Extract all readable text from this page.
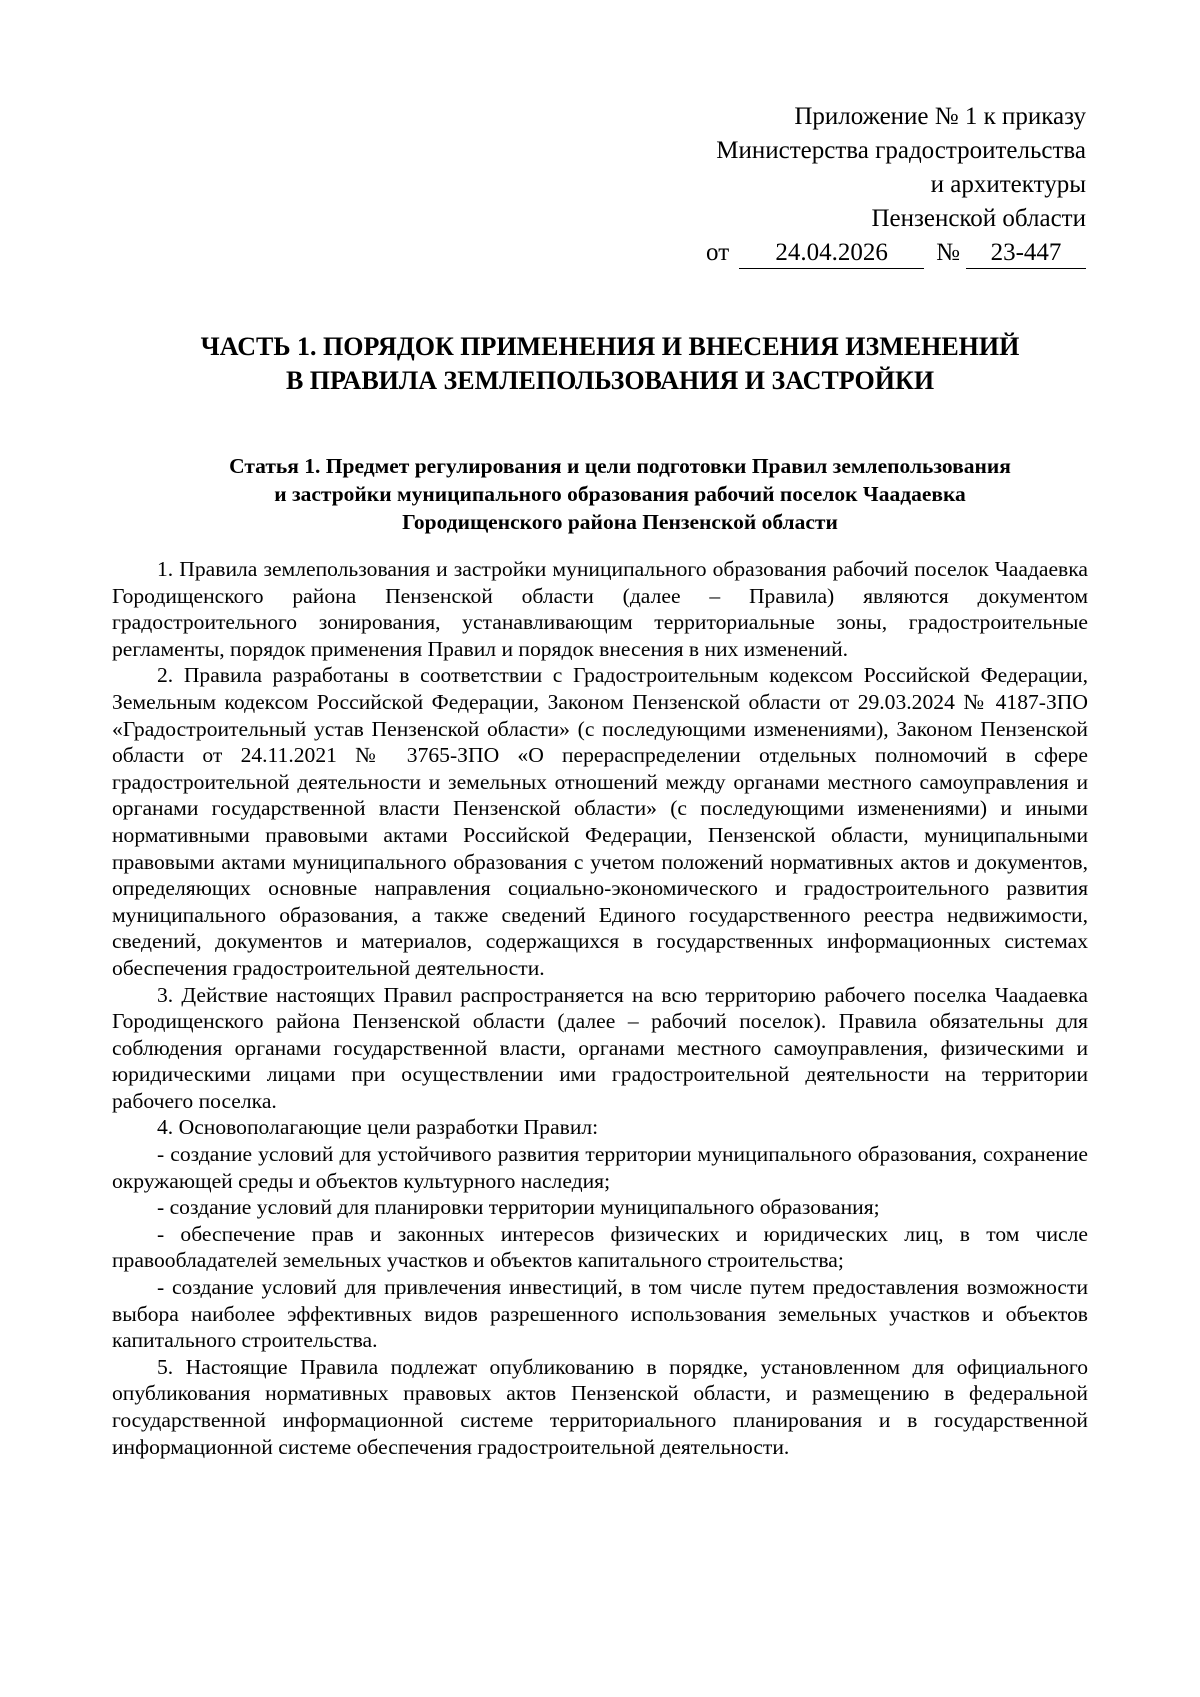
Приложение № 1 к приказу
Министерства градостроительства
и архитектуры
Пензенской области
от	24.04.2026	№	23-447
ЧАСТЬ 1. ПОРЯДОК ПРИМЕНЕНИЯ И ВНЕСЕНИЯ ИЗМЕНЕНИЙ
В ПРАВИЛА ЗЕМЛЕПОЛЬЗОВАНИЯ И ЗАСТРОЙКИ
Статья 1. Предмет регулирования и цели подготовки Правил землепользования
и застройки муниципального образования рабочий поселок Чаадаевка
Городищенского района Пензенской области

1. Правила землепользования и застройки муниципального образования рабочий поселок Чаадаевка Городищенского района Пензенской области (далее – Правила) являются документом градостроительного зонирования, устанавливающим территориальные зоны, градостроительные регламенты, порядок применения Правил и порядок внесения в них изменений.

2. Правила разработаны в соответствии с Градостроительным кодексом Российской Федерации, Земельным кодексом Российской Федерации, Законом Пензенской области от 29.03.2024 № 4187-ЗПО «Градостроительный устав Пензенской области» (с последующими изменениями), Законом Пензенской области от 24.11.2021 № 3765-ЗПО «О перераспределении отдельных полномочий в сфере градостроительной деятельности и земельных отношений между органами местного самоуправления и органами государственной власти Пензенской области» (с последующими изменениями) и иными нормативными правовыми актами Российской Федерации, Пензенской области, муниципальными правовыми актами муниципального образования с учетом положений нормативных актов и документов, определяющих основные направления социально-экономического и градостроительного развития муниципального образования, а также сведений Единого государственного реестра недвижимости, сведений, документов и материалов, содержащихся в государственных информационных системах обеспечения градостроительной деятельности.

3. Действие настоящих Правил распространяется на всю территорию рабочего поселка Чаадаевка Городищенского района Пензенской области (далее – рабочий поселок). Правила обязательны для соблюдения органами государственной власти, органами местного самоуправления, физическими и юридическими лицами при осуществлении ими градостроительной деятельности на территории рабочего поселка.

4. Основополагающие цели разработки Правил:

- создание условий для устойчивого развития территории муниципального образования, сохранение окружающей среды и объектов культурного наследия;

- создание условий для планировки территории муниципального образования;

- обеспечение прав и законных интересов физических и юридических лиц, в том числе правообладателей земельных участков и объектов капитального строительства;

- создание условий для привлечения инвестиций, в том числе путем предоставления возможности выбора наиболее эффективных видов разрешенного использования земельных участков и объектов капитального строительства.

5. Настоящие Правила подлежат опубликованию в порядке, установленном для официального опубликования нормативных правовых актов Пензенской области, и размещению в федеральной государственной информационной системе территориального планирования и в государственной информационной системе обеспечения градостроительной деятельности.
